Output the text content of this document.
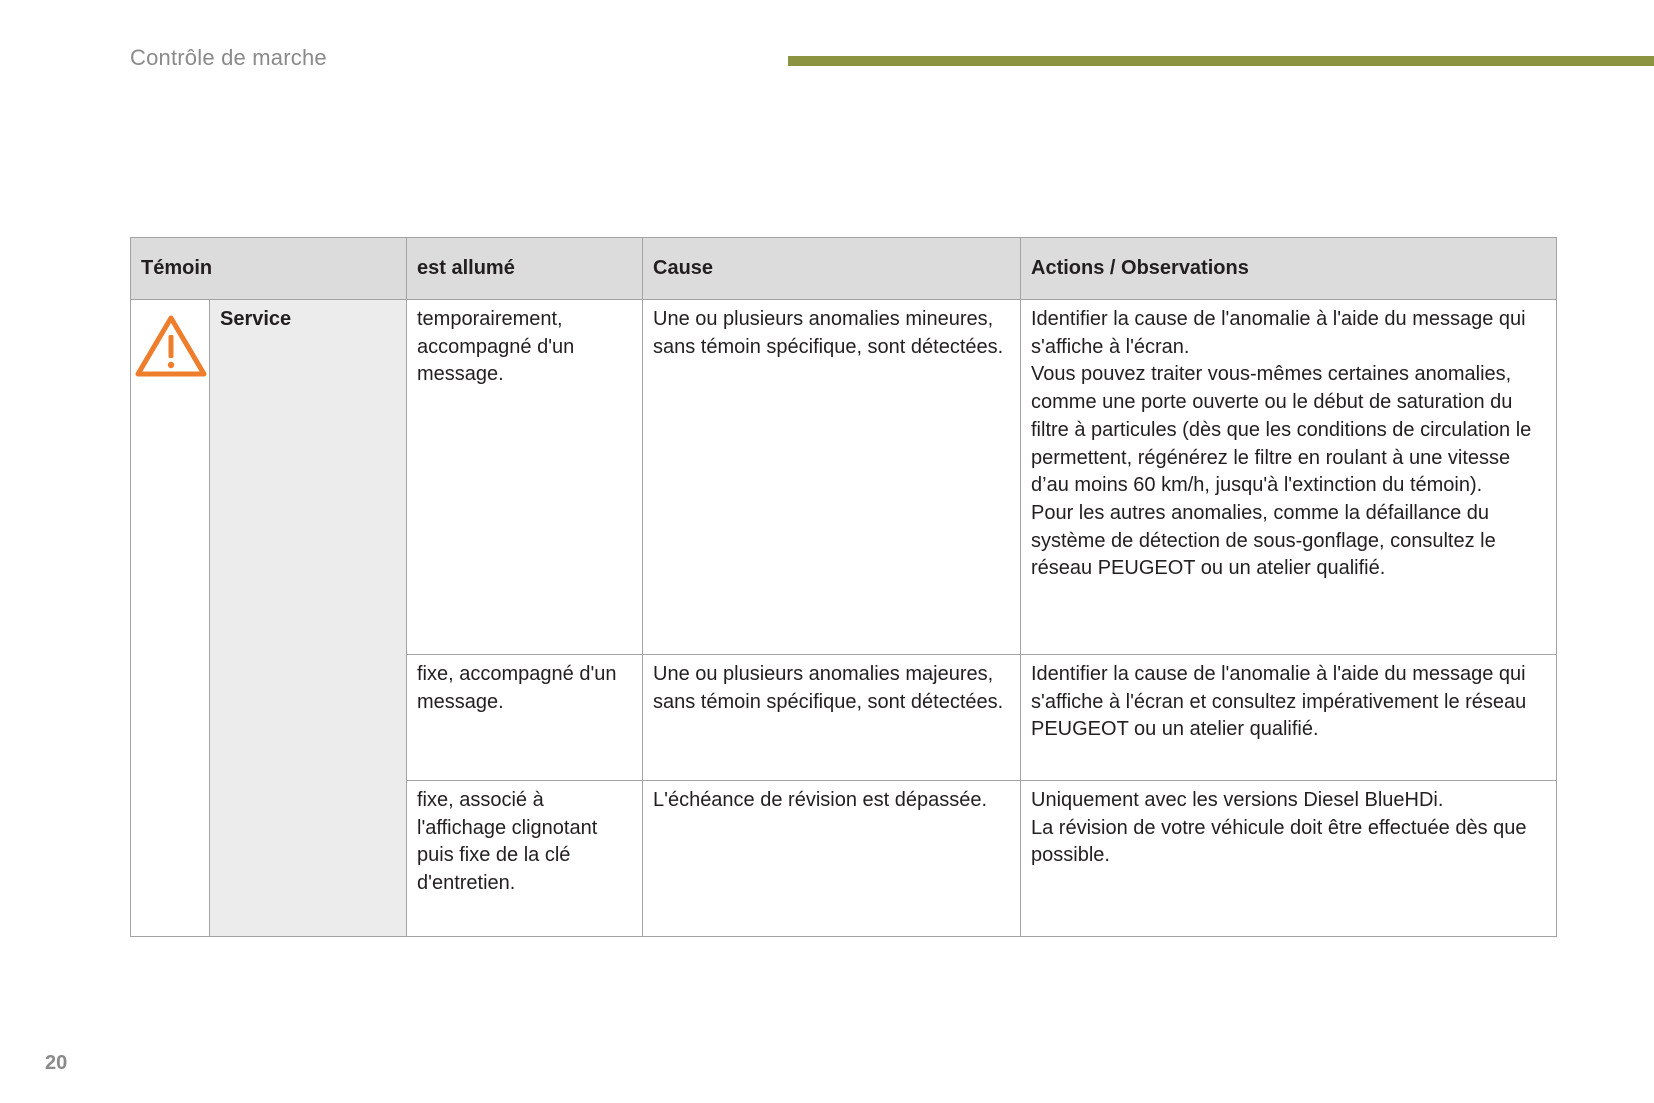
Contrôle de marche
Témoin		est allumé	Cause	Actions / Observations

	Service	temporairement, accompagné d'un message.	Une ou plusieurs anomalies mineures, sans témoin spécifique, sont détectées.	Identifier la cause de l'anomalie à l'aide du message qui s'affiche à l'écran.
Vous pouvez traiter vous-mêmes certaines anomalies, comme une porte ouverte ou le début de saturation du filtre à particules (dès que les conditions de circulation le permettent, régénérez le filtre en roulant à une vitesse d’au moins 60 km/h, jusqu'à l'extinction du témoin).
Pour les autres anomalies, comme la défaillance du système de détection de sous-gonflage, consultez le réseau PEUGEOT ou un atelier qualifié.

		fixe, accompagné d'un message.	Une ou plusieurs anomalies majeures, sans témoin spécifique, sont détectées.	Identifier la cause de l'anomalie à l'aide du message qui s'affiche à l'écran et consultez impérativement le réseau PEUGEOT ou un atelier qualifié.

		fixe, associé à l'affichage clignotant puis fixe de la clé d'entretien.	L'échéance de révision est dépassée.	Uniquement avec les versions Diesel BlueHDi.
La révision de votre véhicule doit être effectuée dès que possible.
20
